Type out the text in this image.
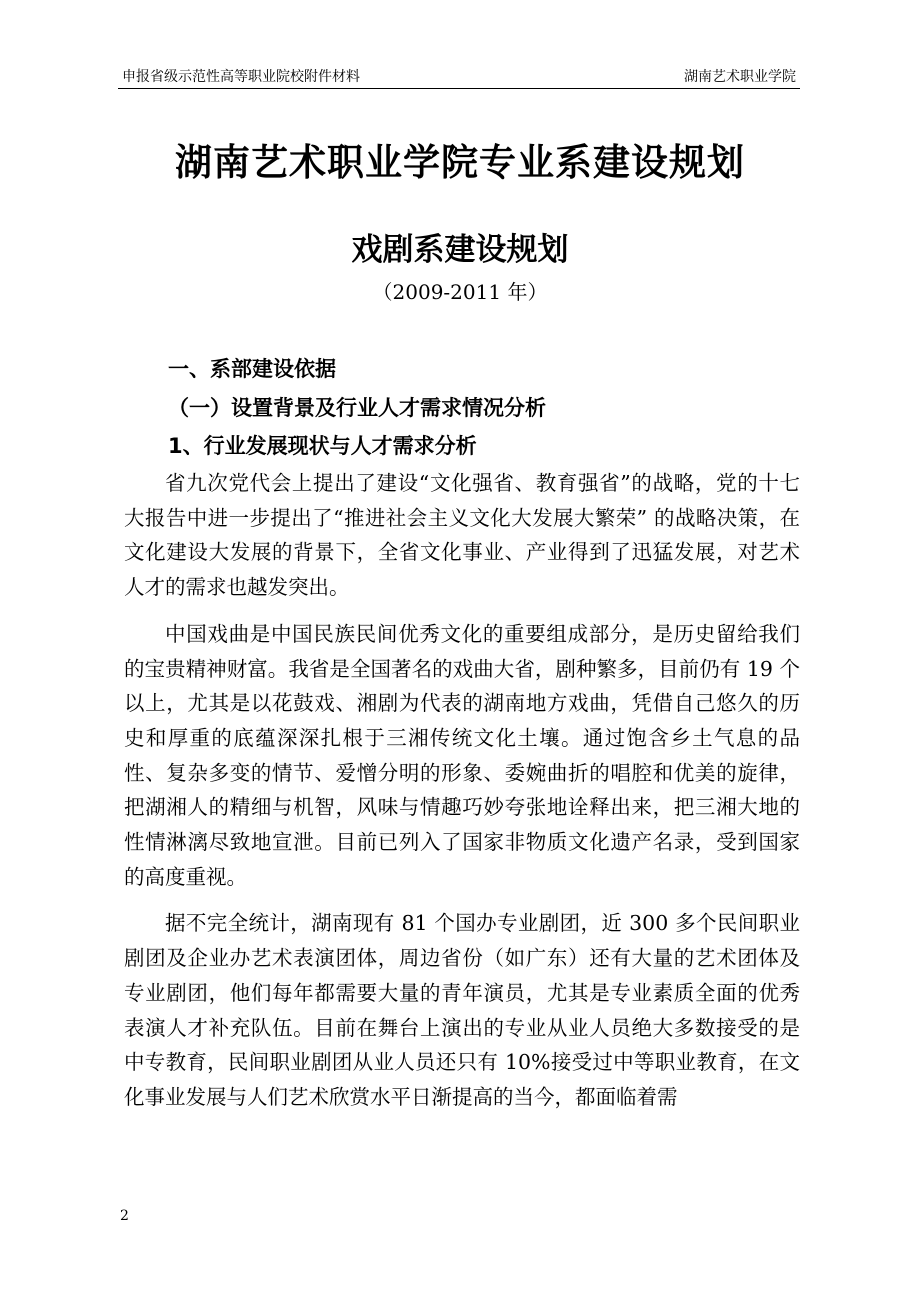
申报省级示范性高等职业院校附件材料	湖南艺术职业学院
湖南艺术职业学院专业系建设规划
戏剧系建设规划
（2009-2011 年）
一、系部建设依据
（一）设置背景及行业人才需求情况分析
1、行业发展现状与人才需求分析

省九次党代会上提出了建设“文化强省、教育强省”的战略，党的十七大报告中进一步提出了“推进社会主义文化大发展大繁荣” 的战略决策，在文化建设大发展的背景下，全省文化事业、产业得到了迅猛发展，对艺术人才的需求也越发突出。

中国戏曲是中国民族民间优秀文化的重要组成部分，是历史留给我们的宝贵精神财富。我省是全国著名的戏曲大省，剧种繁多，目前仍有 19 个以上，尤其是以花鼓戏、湘剧为代表的湖南地方戏曲，凭借自己悠久的历史和厚重的底蕴深深扎根于三湘传统文化土壤。通过饱含乡土气息的品性、复杂多变的情节、爱憎分明的形象、委婉曲折的唱腔和优美的旋律，把湖湘人的精细与机智，风味与情趣巧妙夸张地诠释出来，把三湘大地的性情淋漓尽致地宣泄。目前已列入了国家非物质文化遗产名录，受到国家的高度重视。

据不完全统计，湖南现有 81 个国办专业剧团，近 300 多个民间职业剧团及企业办艺术表演团体，周边省份（如广东）还有大量的艺术团体及专业剧团，他们每年都需要大量的青年演员，尤其是专业素质全面的优秀表演人才补充队伍。目前在舞台上演出的专业从业人员绝大多数接受的是中专教育，民间职业剧团从业人员还只有 10%接受过中等职业教育，在文化事业发展与人们艺术欣赏水平日渐提高的当今，都面临着需

2
